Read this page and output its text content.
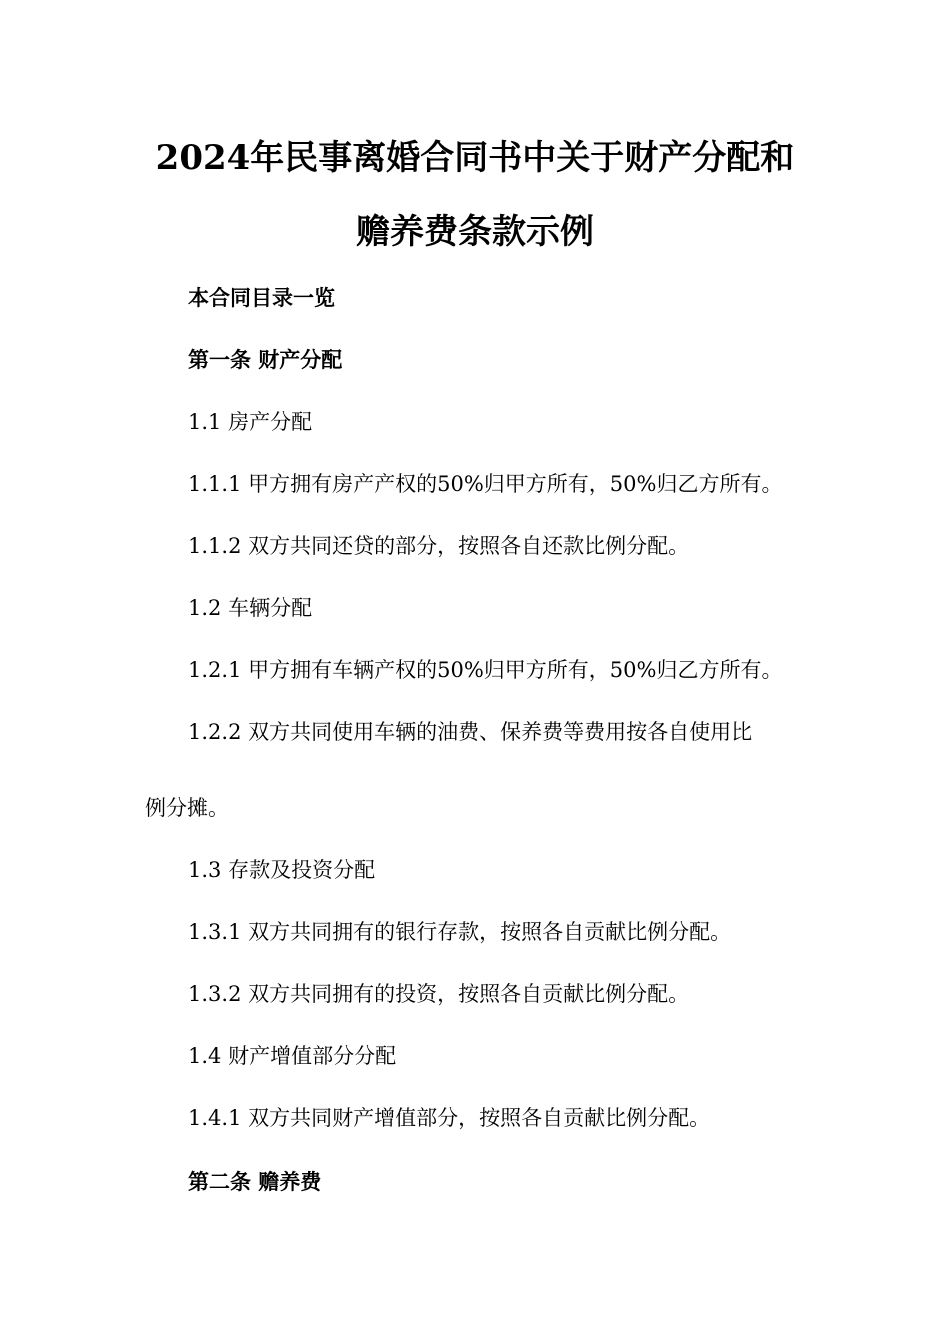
2024年民事离婚合同书中关于财产分配和
赡养费条款示例
本合同目录一览
第一条 财产分配
1.1 房产分配
1.1.1 甲方拥有房产产权的50%归甲方所有，50%归乙方所有。
1.1.2 双方共同还贷的部分，按照各自还款比例分配。
1.2 车辆分配
1.2.1 甲方拥有车辆产权的50%归甲方所有，50%归乙方所有。
1.2.2 双方共同使用车辆的油费、保养费等费用按各自使用比
例分摊。
1.3 存款及投资分配
1.3.1 双方共同拥有的银行存款，按照各自贡献比例分配。
1.3.2 双方共同拥有的投资，按照各自贡献比例分配。
1.4 财产增值部分分配
1.4.1 双方共同财产增值部分，按照各自贡献比例分配。
第二条 赡养费
